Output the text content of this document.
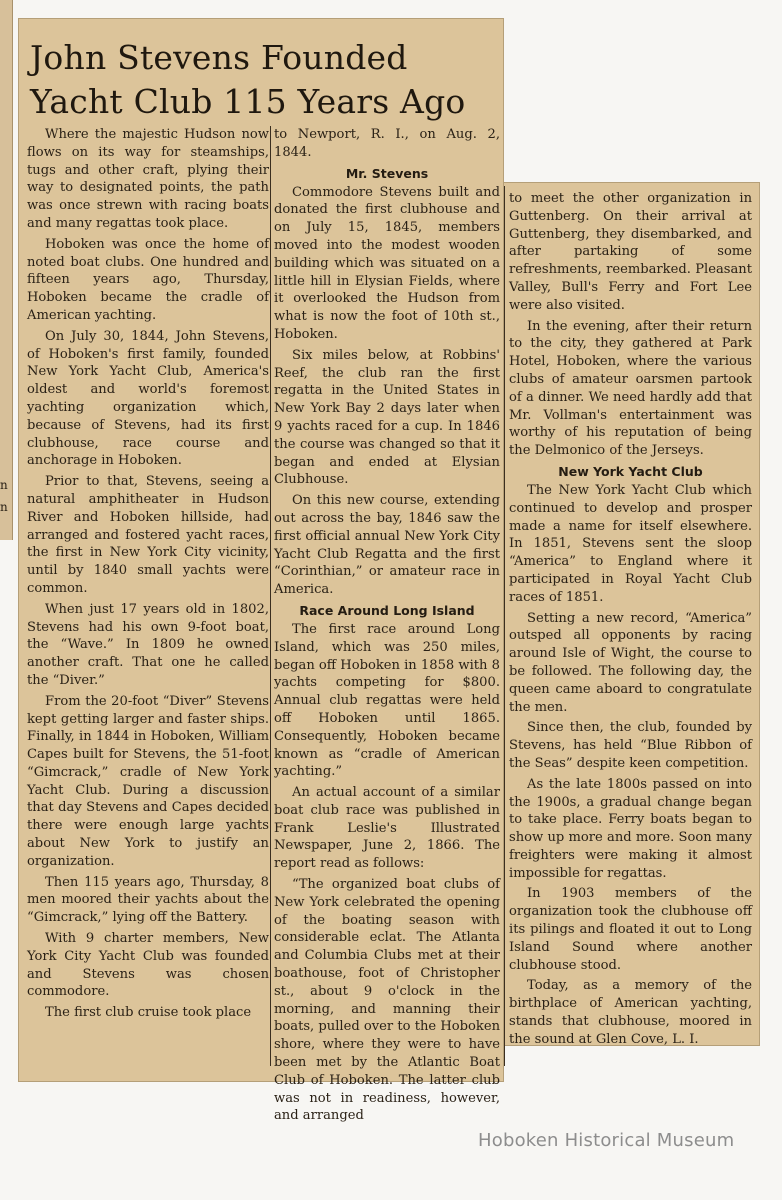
n
n
John Stevens Founded Yacht Club 115 Years Ago

Where the majestic Hudson now flows on its way for steamships, tugs and other craft, plying their way to designated points, the path was once strewn with racing boats and many regattas took place.

Hoboken was once the home of noted boat clubs. One hundred and fifteen years ago, Thursday, Hoboken became the cradle of American yachting.

On July 30, 1844, John Stevens, of Hoboken's first family, founded New York Yacht Club, America's oldest and world's foremost yachting organization which, because of Stevens, had its first clubhouse, race course and anchorage in Hoboken.

Prior to that, Stevens, seeing a natural amphitheater in Hudson River and Hoboken hillside, had arranged and fostered yacht races, the first in New York City vicinity, until by 1840 small yachts were common.

When just 17 years old in 1802, Stevens had his own 9-foot boat, the “Wave.” In 1809 he owned another craft. That one he called the “Diver.”

From the 20-foot “Diver” Stevens kept getting larger and faster ships. Finally, in 1844 in Hoboken, William Capes built for Stevens, the 51-foot “Gimcrack,” cradle of New York Yacht Club. During a discussion that day Stevens and Capes decided there were enough large yachts about New York to justify an organization.

Then 115 years ago, Thursday, 8 men moored their yachts about the “Gimcrack,” lying off the Battery.

With 9 charter members, New York City Yacht Club was founded and Stevens was chosen commodore.

The first club cruise took place

to Newport, R. I., on Aug. 2, 1844.

Mr. Stevens

Commodore Stevens built and donated the first clubhouse and on July 15, 1845, members moved into the modest wooden building which was situated on a little hill in Elysian Fields, where it overlooked the Hudson from what is now the foot of 10th st., Hoboken.

Six miles below, at Robbins' Reef, the club ran the first regatta in the United States in New York Bay 2 days later when 9 yachts raced for a cup. In 1846 the course was changed so that it began and ended at Elysian Clubhouse.

On this new course, extending out across the bay, 1846 saw the first official annual New York City Yacht Club Regatta and the first “Corinthian,” or amateur race in America.

Race Around Long Island

The first race around Long Island, which was 250 miles, began off Hoboken in 1858 with 8 yachts competing for $800. Annual club regattas were held off Hoboken until 1865. Consequently, Hoboken became known as “cradle of American yachting.”

An actual account of a similar boat club race was published in Frank Leslie's Illustrated Newspaper, June 2, 1866. The report read as follows:

“The organized boat clubs of New York celebrated the opening of the boating season with considerable eclat. The Atlanta and Columbia Clubs met at their boathouse, foot of Christopher st., about 9 o'clock in the morning, and manning their boats, pulled over to the Hoboken shore, where they were to have been met by the Atlantic Boat Club of Hoboken. The latter club was not in readiness, however, and arranged

to meet the other organization in Guttenberg. On their arrival at Guttenberg, they disembarked, and after partaking of some refreshments, reembarked. Pleasant Valley, Bull's Ferry and Fort Lee were also visited.

In the evening, after their return to the city, they gathered at Park Hotel, Hoboken, where the various clubs of amateur oarsmen partook of a dinner. We need hardly add that Mr. Vollman's entertainment was worthy of his reputation of being the Delmonico of the Jerseys.

New York Yacht Club

The New York Yacht Club which continued to develop and prosper made a name for itself elsewhere. In 1851, Stevens sent the sloop “America” to England where it participated in Royal Yacht Club races of 1851.

Setting a new record, “America” outsped all opponents by racing around Isle of Wight, the course to be followed. The following day, the queen came aboard to congratulate the men.

Since then, the club, founded by Stevens, has held “Blue Ribbon of the Seas” despite keen competition.

As the late 1800s passed on into the 1900s, a gradual change began to take place. Ferry boats began to show up more and more. Soon many freighters were making it almost impossible for regattas.

In 1903 members of the organization took the clubhouse off its pilings and floated it out to Long Island Sound where another clubhouse stood.

Today, as a memory of the birthplace of American yachting, stands that clubhouse, moored in the sound at Glen Cove, L. I.

Hoboken Historical Museum
